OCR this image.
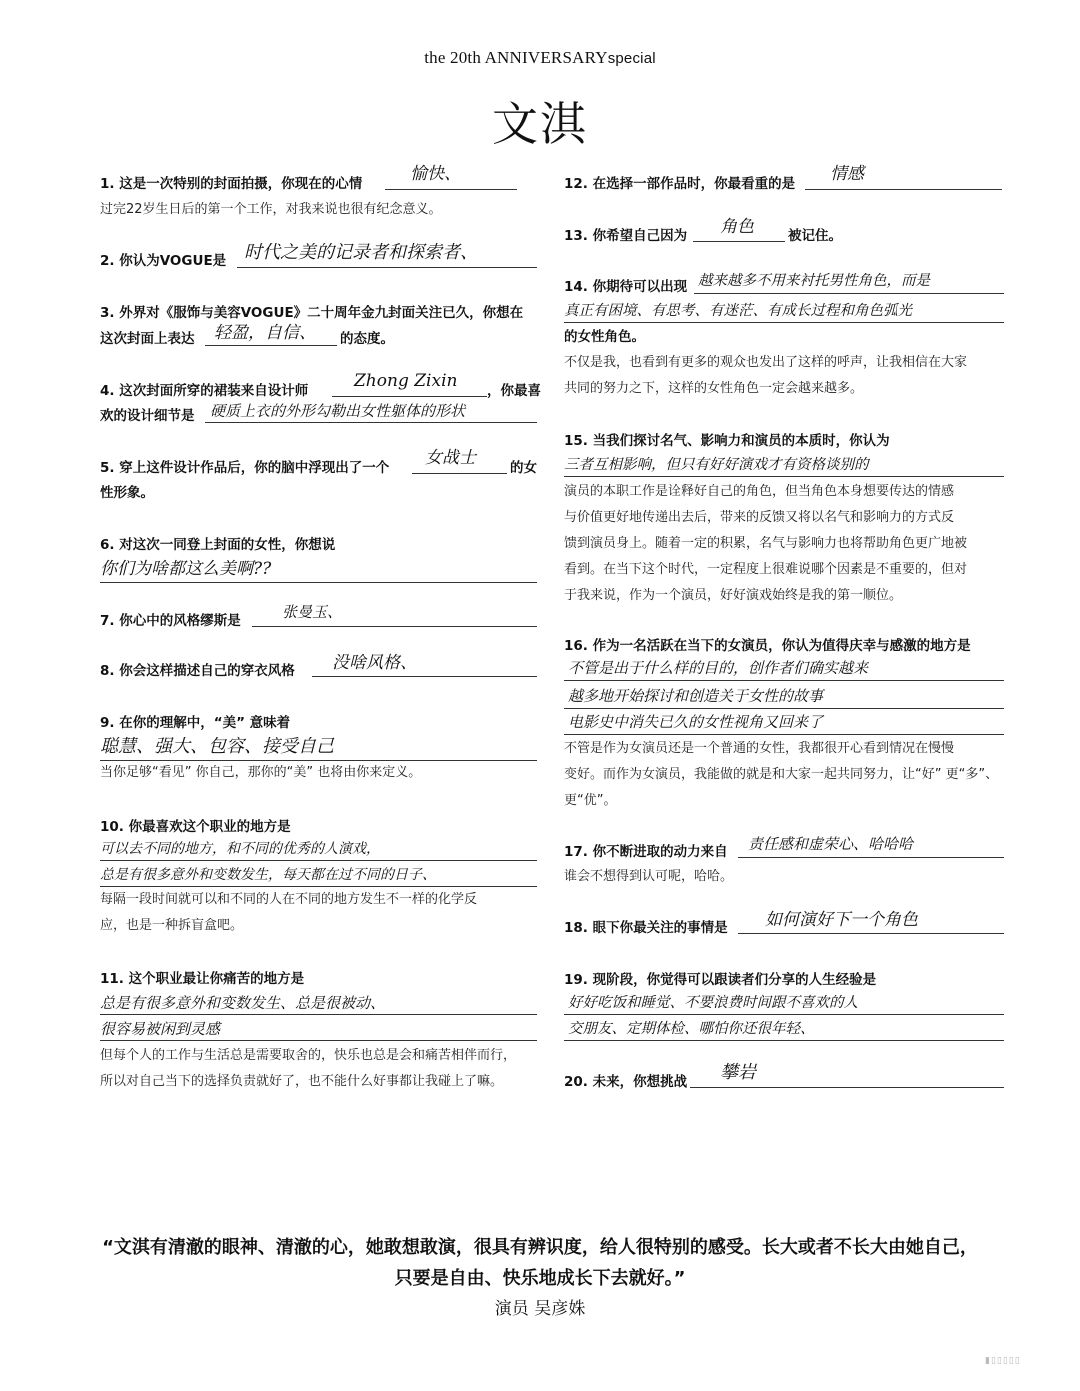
the 20th ANNIVERSARYspecial
文淇
1. 这是一次特别的封面拍摄，你现在的心情	愉快、
过完22岁生日后的第一个工作，对我来说也很有纪念意义。
2. 你认为VOGUE是 时代之美的记录者和探索者、
3. 外界对《服饰与美容VOGUE》二十周年金九封面关注已久，你想在
这次封面上表达 轻盈，自信、 的态度。
4. 这次封面所穿的裙装来自设计师	Zhong Zixin ，你最喜
欢的设计细节是 硬质上衣的外形勾勒出女性躯体的形状
5. 穿上这件设计作品后，你的脑中浮现出了一个 女战士	的女
性形象。
6. 对这次一同登上封面的女性，你想说
你们为啥都这么美啊??
7. 你心中的风格缪斯是	张曼玉、
8. 你会这样描述自己的穿衣风格 没啥风格、
9. 在你的理解中，“美” 意味着
聪慧、强大、包容、接受自己
当你足够“看见” 你自己，那你的“美” 也将由你来定义。
10. 你最喜欢这个职业的地方是
可以去不同的地方，和不同的优秀的人演戏，
总是有很多意外和变数发生，每天都在过不同的日子、
每隔一段时间就可以和不同的人在不同的地方发生不一样的化学反
应，也是一种拆盲盒吧。
11. 这个职业最让你痛苦的地方是
总是有很多意外和变数发生、总是很被动、
很容易被闲到灵感
但每个人的工作与生活总是需要取舍的，快乐也总是会和痛苦相伴而行，
所以对自己当下的选择负责就好了，也不能什么好事都让我碰上了嘛。
12. 在选择一部作品时，你最看重的是 情感
13. 你希望自己因为 角色	被记住。
14. 你期待可以出现 越来越多不用来衬托男性角色，而是
真正有困境、有思考、有迷茫、有成长过程和角色弧光
的女性角色。
不仅是我，也看到有更多的观众也发出了这样的呼声，让我相信在大家
共同的努力之下，这样的女性角色一定会越来越多。
15. 当我们探讨名气、影响力和演员的本质时，你认为
三者互相影响，但只有好好演戏才有资格谈别的
演员的本职工作是诠释好自己的角色，但当角色本身想要传达的情感
与价值更好地传递出去后，带来的反馈又将以名气和影响力的方式反
馈到演员身上。随着一定的积累，名气与影响力也将帮助角色更广地被
看到。在当下这个时代，一定程度上很难说哪个因素是不重要的，但对
于我来说，作为一个演员，好好演戏始终是我的第一顺位。
16. 作为一名活跃在当下的女演员，你认为值得庆幸与感激的地方是
不管是出于什么样的目的，创作者们确实越来
越多地开始探讨和创造关于女性的故事
电影史中消失已久的女性视角又回来了
不管是作为女演员还是一个普通的女性，我都很开心看到情况在慢慢
变好。而作为女演员，我能做的就是和大家一起共同努力，让“好” 更“多”、
更“优”。
17. 你不断进取的动力来自 责任感和虚荣心、哈哈哈
谁会不想得到认可呢，哈哈。
18. 眼下你最关注的事情是 如何演好下一个角色
19. 现阶段，你觉得可以跟读者们分享的人生经验是
好好吃饭和睡觉、不要浪费时间跟不喜欢的人
交朋友、定期体检、哪怕你还很年轻、
20. 未来，你想挑战 攀岩
“文淇有清澈的眼神、清澈的心，她敢想敢演，很具有辨识度，给人很特别的感受。长大或者不长大由她自己，
只要是自由、快乐地成长下去就好。”
演员 吴彦姝
▮▯▯▯▯▯
